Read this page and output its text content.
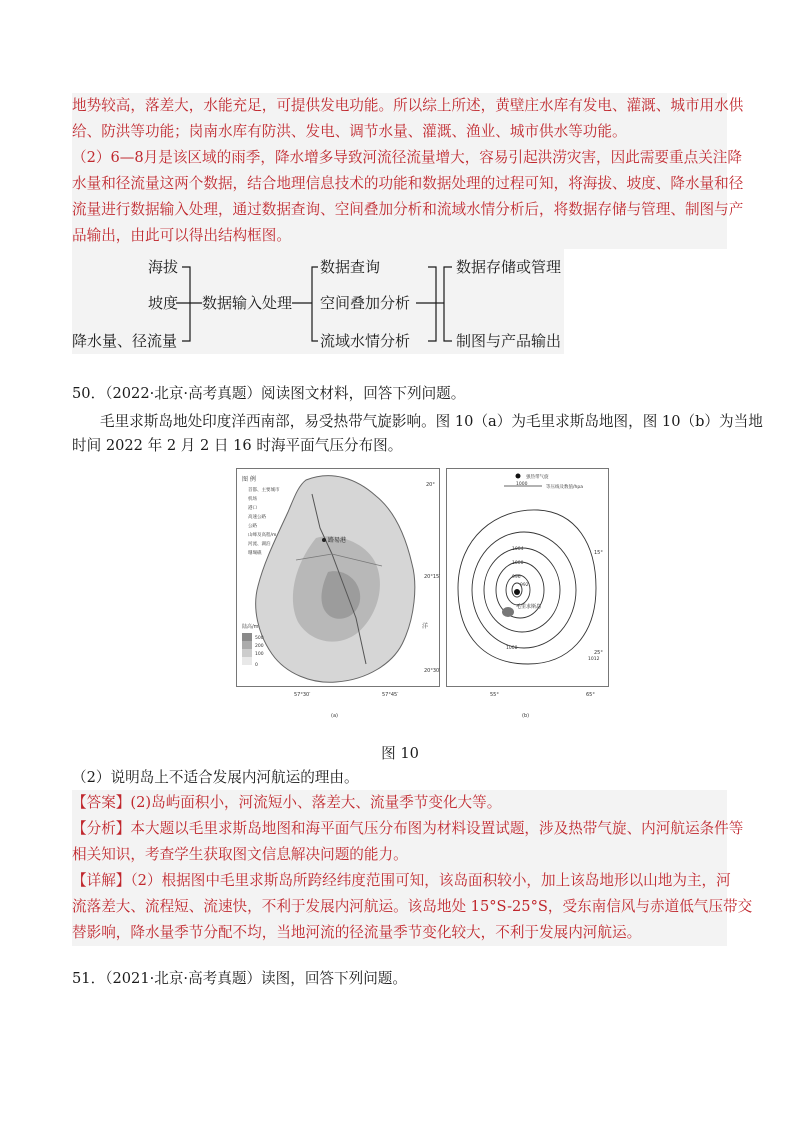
地势较高，落差大，水能充足，可提供发电功能。所以综上所述，黄壁庄水库有发电、灌溉、城市用水供
给、防洪等功能；岗南水库有防洪、发电、调节水量、灌溉、渔业、城市供水等功能。
（2）6—8月是该区域的雨季，降水增多导致河流径流量增大，容易引起洪涝灾害，因此需要重点关注降
水量和径流量这两个数据，结合地理信息技术的功能和数据处理的过程可知，将海拔、坡度、降水量和径
流量进行数据输入处理，通过数据查询、空间叠加分析和流域水情分析后，将数据存储与管理、制图与产
品输出，由此可以得出结构框图。
海拔
坡度
降水量、径流量
数据输入处理
数据查询
空间叠加分析
流域水情分析
数据存储或管理
制图与产品输出
50．（2022·北京·高考真题）阅读图文材料，回答下列问题。
毛里求斯岛地处印度洋西南部，易受热带气旋影响。图 10（a）为毛里求斯岛地图，图 10（b）为当地
时间 2022 年 2 月 2 日 16 时海平面气压分布图。
图 例
首都、主要城市
机场
港口
高速公路
公路
山峰及高程/m
河流、湖泊
珊瑚礁
路易港
20°
20°15′
20°30′
57°30′	57°45′
洋
陆高/m
500
200
100
0
(a)
强热带气旋
1000
等压线及数值/hpa
1012
1008
1004
1000
996
992
毛里求斯岛
15°
25°
55°	65°
(b)
图 10
（2）说明岛上不适合发展内河航运的理由。
【答案】(2)岛屿面积小，河流短小、落差大、流量季节变化大等。
【分析】本大题以毛里求斯岛地图和海平面气压分布图为材料设置试题，涉及热带气旋、内河航运条件等
相关知识，考查学生获取图文信息解决问题的能力。
【详解】（2）根据图中毛里求斯岛所跨经纬度范围可知，该岛面积较小，加上该岛地形以山地为主，河
流落差大、流程短、流速快，不利于发展内河航运。该岛地处 15°S-25°S，受东南信风与赤道低气压带交
替影响，降水量季节分配不均，当地河流的径流量季节变化较大，不利于发展内河航运。
51．（2021·北京·高考真题）读图，回答下列问题。
